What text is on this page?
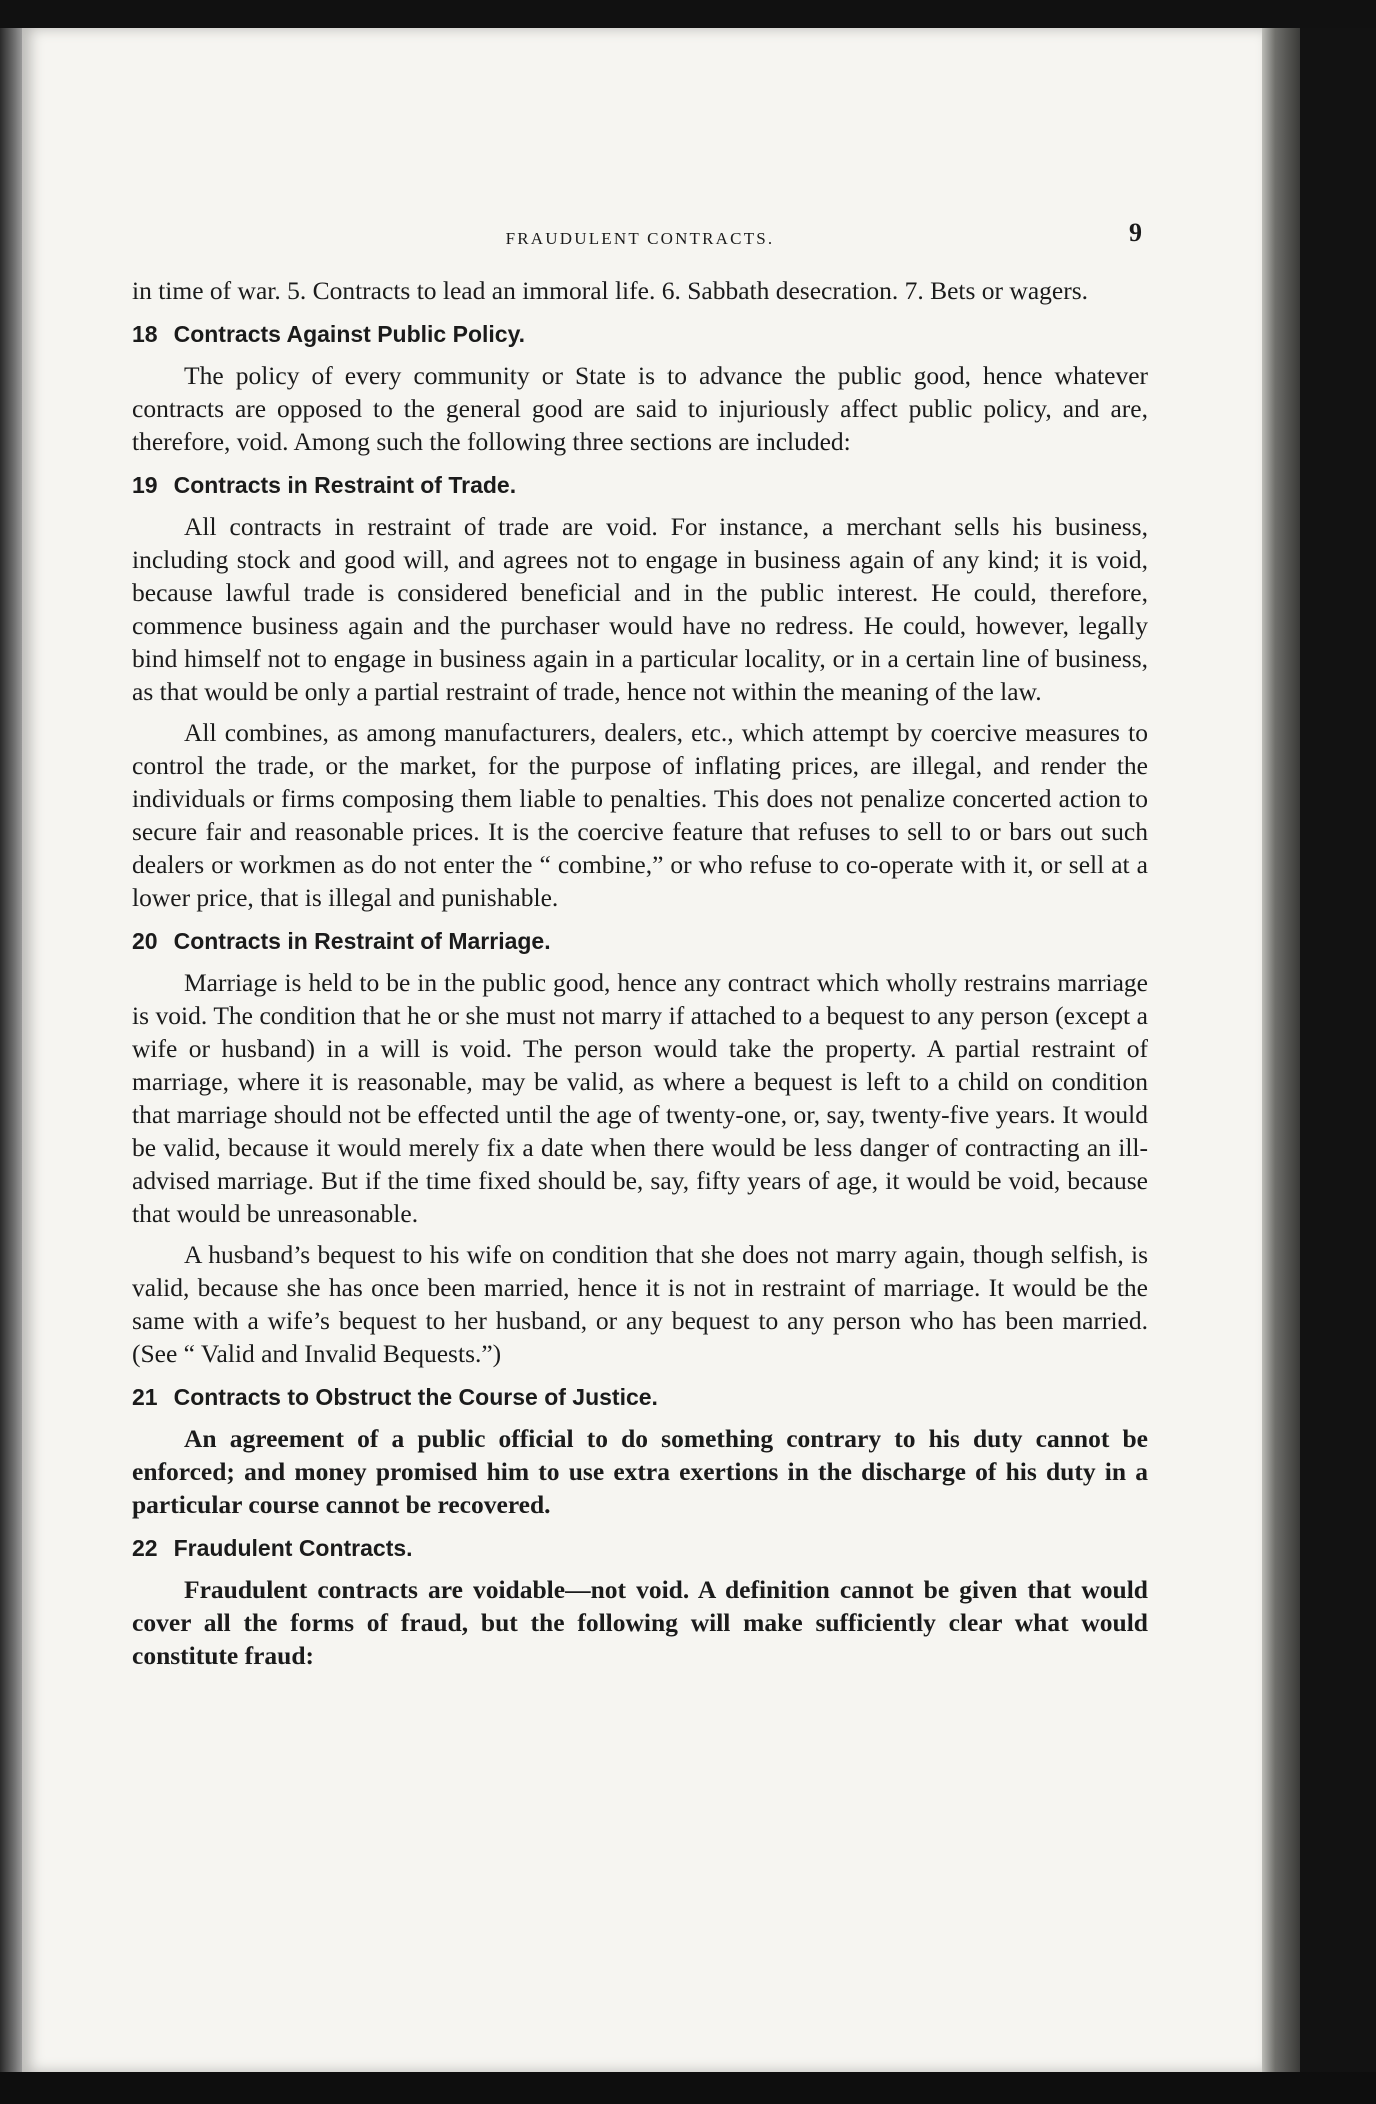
FRAUDULENT CONTRACTS.	9

in time of war. 5. Contracts to lead an immoral life. 6. Sabbath desecration. 7. Bets or wagers.

18 Contracts Against Public Policy.

The policy of every community or State is to advance the public good, hence whatever contracts are opposed to the general good are said to injuriously affect public policy, and are, therefore, void. Among such the following three sections are included:

19 Contracts in Restraint of Trade.

All contracts in restraint of trade are void. For instance, a merchant sells his business, including stock and good will, and agrees not to engage in business again of any kind; it is void, because lawful trade is considered beneficial and in the public interest. He could, therefore, commence business again and the purchaser would have no redress. He could, however, legally bind himself not to engage in business again in a particular locality, or in a certain line of business, as that would be only a partial restraint of trade, hence not within the meaning of the law.

All combines, as among manufacturers, dealers, etc., which attempt by coercive measures to control the trade, or the market, for the purpose of inflating prices, are illegal, and render the individuals or firms composing them liable to penalties. This does not penalize concerted action to secure fair and reasonable prices. It is the coercive feature that refuses to sell to or bars out such dealers or workmen as do not enter the “ combine,” or who refuse to co-operate with it, or sell at a lower price, that is illegal and punishable.

20 Contracts in Restraint of Marriage.

Marriage is held to be in the public good, hence any contract which wholly restrains marriage is void. The condition that he or she must not marry if attached to a bequest to any person (except a wife or husband) in a will is void. The person would take the property. A partial restraint of marriage, where it is reasonable, may be valid, as where a bequest is left to a child on condition that marriage should not be effected until the age of twenty-one, or, say, twenty-five years. It would be valid, because it would merely fix a date when there would be less danger of contracting an ill-advised marriage. But if the time fixed should be, say, fifty years of age, it would be void, because that would be unreasonable.

A husband’s bequest to his wife on condition that she does not marry again, though selfish, is valid, because she has once been married, hence it is not in restraint of marriage. It would be the same with a wife’s bequest to her husband, or any bequest to any person who has been married. (See “ Valid and Invalid Bequests.”)

21 Contracts to Obstruct the Course of Justice.

An agreement of a public official to do something contrary to his duty cannot be enforced; and money promised him to use extra exertions in the discharge of his duty in a particular course cannot be recovered.

22 Fraudulent Contracts.

Fraudulent contracts are voidable—not void. A definition cannot be given that would cover all the forms of fraud, but the following will make sufficiently clear what would constitute fraud:
